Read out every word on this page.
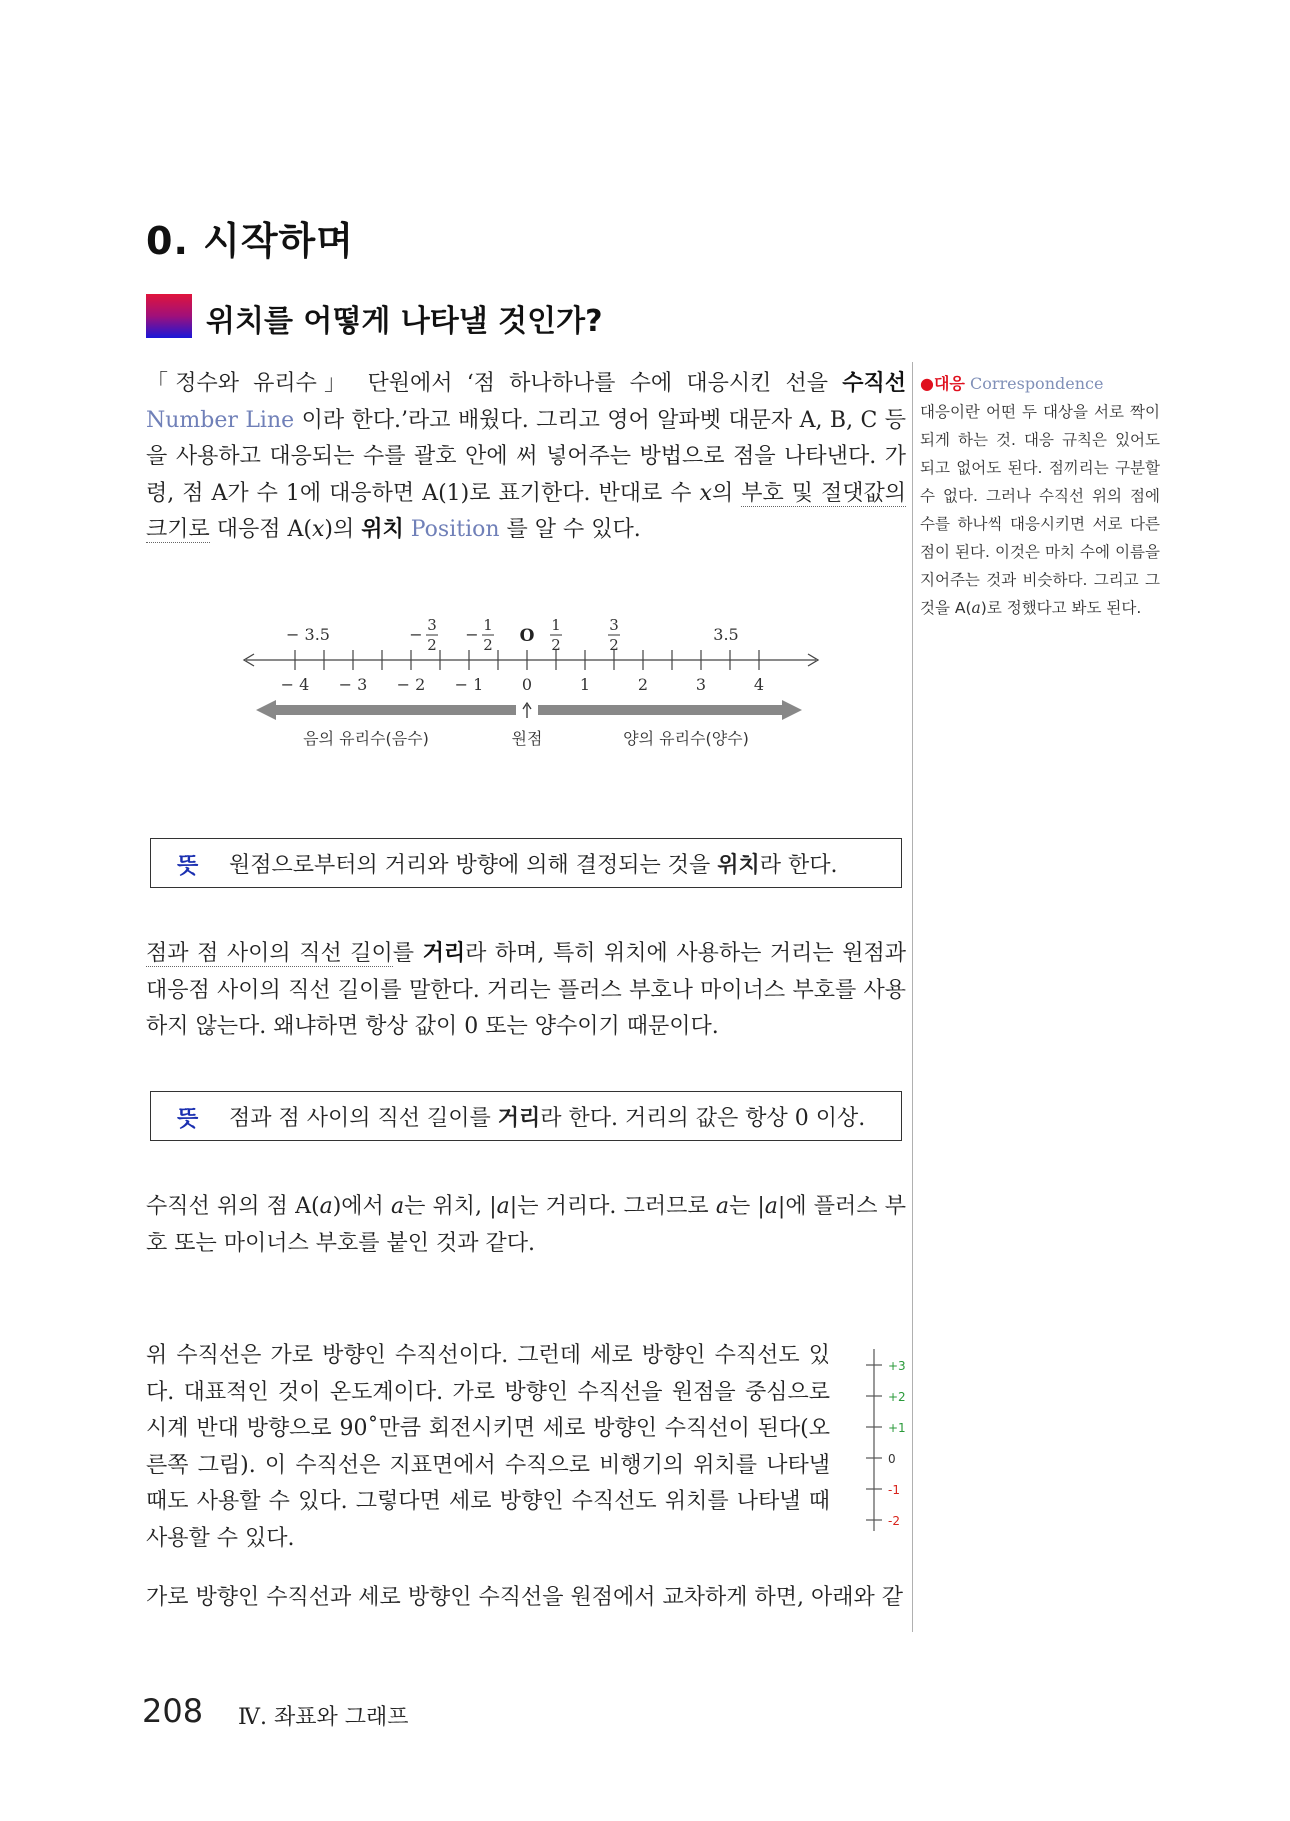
0. 시작하며
위치를 어떻게 나타낼 것인가?

「정수와 유리수」 단원에서 ‘점 하나하나를 수에 대응시킨 선을 수직선 Number Line 이라 한다.’라고 배웠다. 그리고 영어 알파벳 대문자 A, B, C 등을 사용하고 대응되는 수를 괄호 안에 써 넣어주는 방법으로 점을 나타낸다. 가령, 점 A가 수 1에 대응하면 A(1)로 표기한다. 반대로 수 x의 부호 및 절댓값의 크기로 대응점 A(x)의 위치 Position 를 알 수 있다.

− 3.5	− 3
2
− 1
2 O
1
2
3
2
3.5
− 4 − 3 − 2 − 1 0	1	2	3	4
음의 유리수(음수)	원점	양의 유리수(양수)
●대응 Correspondence
대응이란 어떤 두 대상을 서로 짝이 되게 하는 것. 대응 규칙은 있어도 되고 없어도 된다. 점끼리는 구분할 수 없다. 그러나 수직선 위의 점에 수를 하나씩 대응시키면 서로 다른 점이 된다. 이것은 마치 수에 이름을 지어주는 것과 비슷하다. 그리고 그것을 A(a)로 정했다고 봐도 된다.
뜻 원점으로부터의 거리와 방향에 의해 결정되는 것을 위치라 한다.

점과 점 사이의 직선 길이를 거리라 하며, 특히 위치에 사용하는 거리는 원점과 대응점 사이의 직선 길이를 말한다. 거리는 플러스 부호나 마이너스 부호를 사용하지 않는다. 왜냐하면 항상 값이 0 또는 양수이기 때문이다.

뜻 점과 점 사이의 직선 길이를 거리라 한다. 거리의 값은 항상 0 이상.

수직선 위의 점 A(a)에서 a는 위치, |a|는 거리다. 그러므로 a는 |a|에 플러스 부호 또는 마이너스 부호를 붙인 것과 같다.

위 수직선은 가로 방향인 수직선이다. 그런데 세로 방향인 수직선도 있다. 대표적인 것이 온도계이다. 가로 방향인 수직선을 원점을 중심으로 시계 반대 방향으로 90˚만큼 회전시키면 세로 방향인 수직선이 된다(오른쪽 그림). 이 수직선은 지표면에서 수직으로 비행기의 위치를 나타낼 때도 사용할 수 있다. 그렇다면 세로 방향인 수직선도 위치를 나타낼 때 사용할 수 있다.

+3
+2
+1
0
-1
-2

가로 방향인 수직선과 세로 방향인 수직선을 원점에서 교차하게 하면, 아래와 같

208 Ⅳ. 좌표와 그래프
